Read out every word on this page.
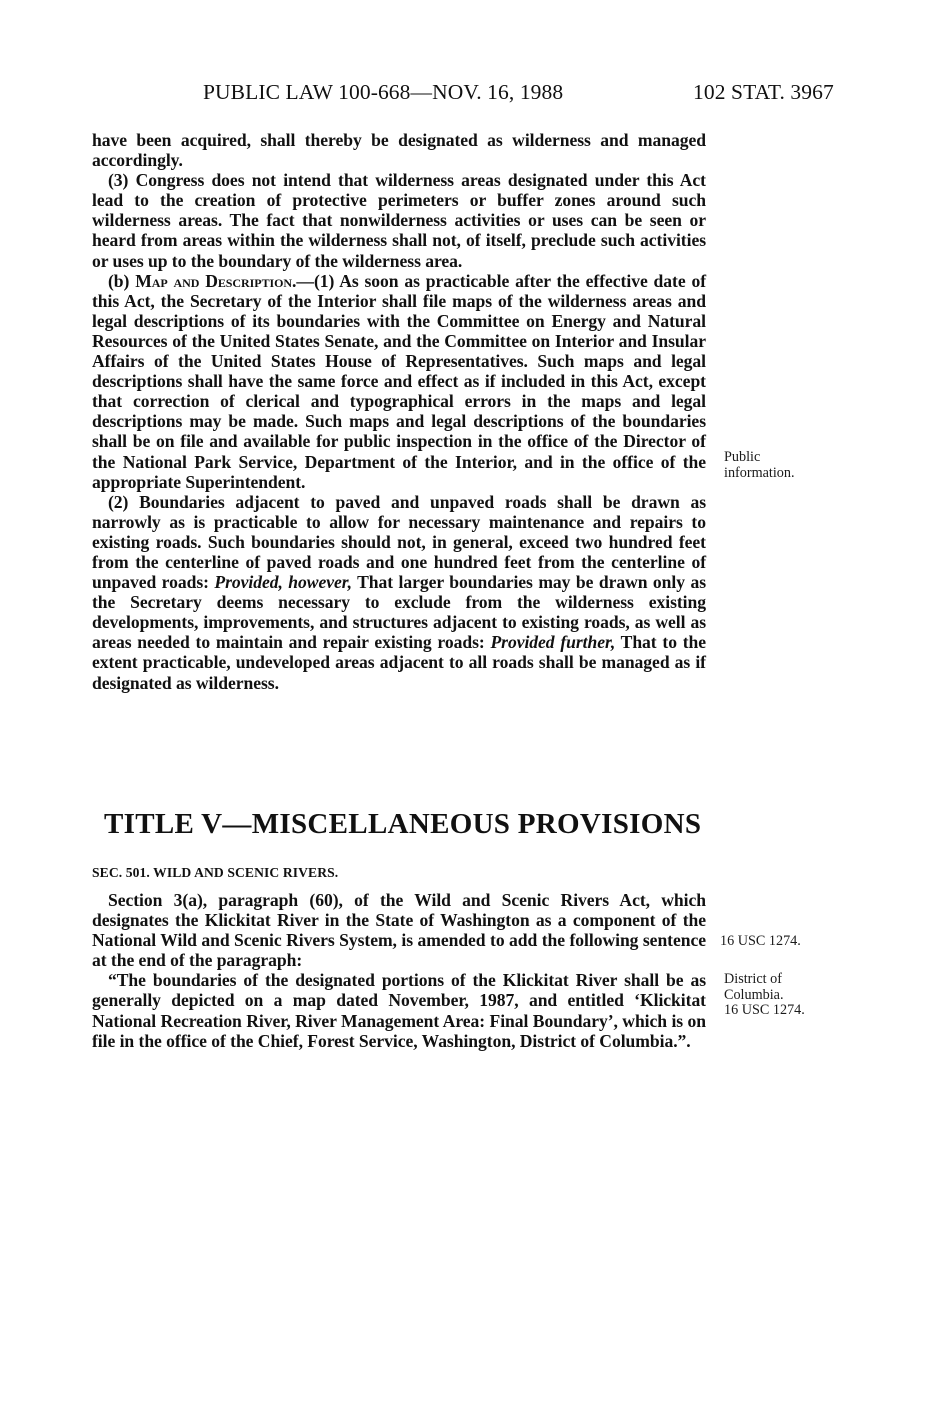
PUBLIC LAW 100-668—NOV. 16, 1988	102 STAT. 3967

have been acquired, shall thereby be designated as wilderness and managed accordingly.

(3) Congress does not intend that wilderness areas designated under this Act lead to the creation of protective perimeters or buffer zones around such wilderness areas. The fact that nonwilderness activities or uses can be seen or heard from areas within the wilderness shall not, of itself, preclude such activities or uses up to the boundary of the wilderness area.

(b) Map and Description.—(1) As soon as practicable after the effective date of this Act, the Secretary of the Interior shall file maps of the wilderness areas and legal descriptions of its boundaries with the Committee on Energy and Natural Resources of the United States Senate, and the Committee on Interior and Insular Affairs of the United States House of Representatives. Such maps and legal descriptions shall have the same force and effect as if included in this Act, except that correction of clerical and typographical errors in the maps and legal descriptions may be made. Such maps and legal descriptions of the boundaries shall be on file and available for public inspection in the office of the Director of the National Park Service, Department of the Interior, and in the office of the appropriate Superintendent.

(2) Boundaries adjacent to paved and unpaved roads shall be drawn as narrowly as is practicable to allow for necessary maintenance and repairs to existing roads. Such boundaries should not, in general, exceed two hundred feet from the centerline of paved roads and one hundred feet from the centerline of unpaved roads: Provided, however, That larger boundaries may be drawn only as the Secretary deems necessary to exclude from the wilderness existing developments, improvements, and structures adjacent to existing roads, as well as areas needed to maintain and repair existing roads: Provided further, That to the extent practicable, undeveloped areas adjacent to all roads shall be managed as if designated as wilderness.

TITLE V—MISCELLANEOUS PROVISIONS
SEC. 501. WILD AND SCENIC RIVERS.

Section 3(a), paragraph (60), of the Wild and Scenic Rivers Act, which designates the Klickitat River in the State of Washington as a component of the National Wild and Scenic Rivers System, is amended to add the following sentence at the end of the paragraph:

“The boundaries of the designated portions of the Klickitat River shall be as generally depicted on a map dated November, 1987, and entitled ‘Klickitat National Recreation River, River Management Area: Final Boundary’, which is on file in the office of the Chief, Forest Service, Washington, District of Columbia.”.

Public
information.
16 USC 1274.
District of
Columbia.
16 USC 1274.
